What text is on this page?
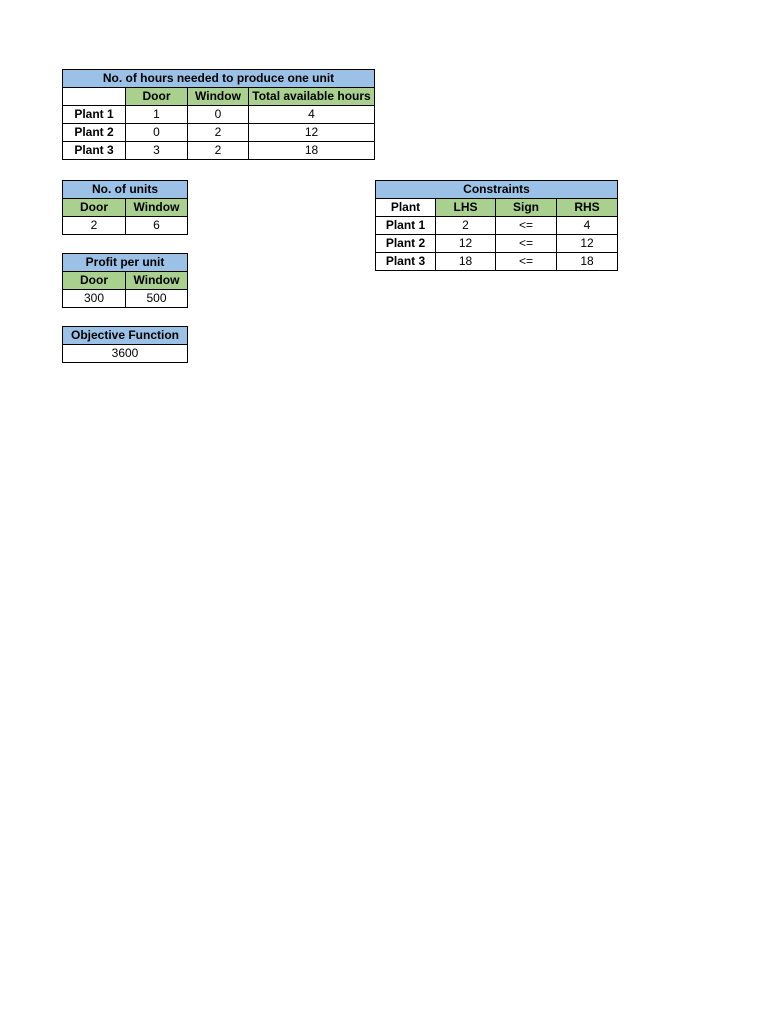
No. of hours needed to produce one unit			
	Door	Window	Total available hours
Plant 1	1	0	4
Plant 2	0	2	12
Plant 3	3	2	18
No. of units	
Door	Window
2	6
Profit per unit	
Door	Window
300	500
Objective Function
3600
Constraints			
Plant	LHS	Sign	RHS
Plant 1	2	<=	4
Plant 2	12	<=	12
Plant 3	18	<=	18
